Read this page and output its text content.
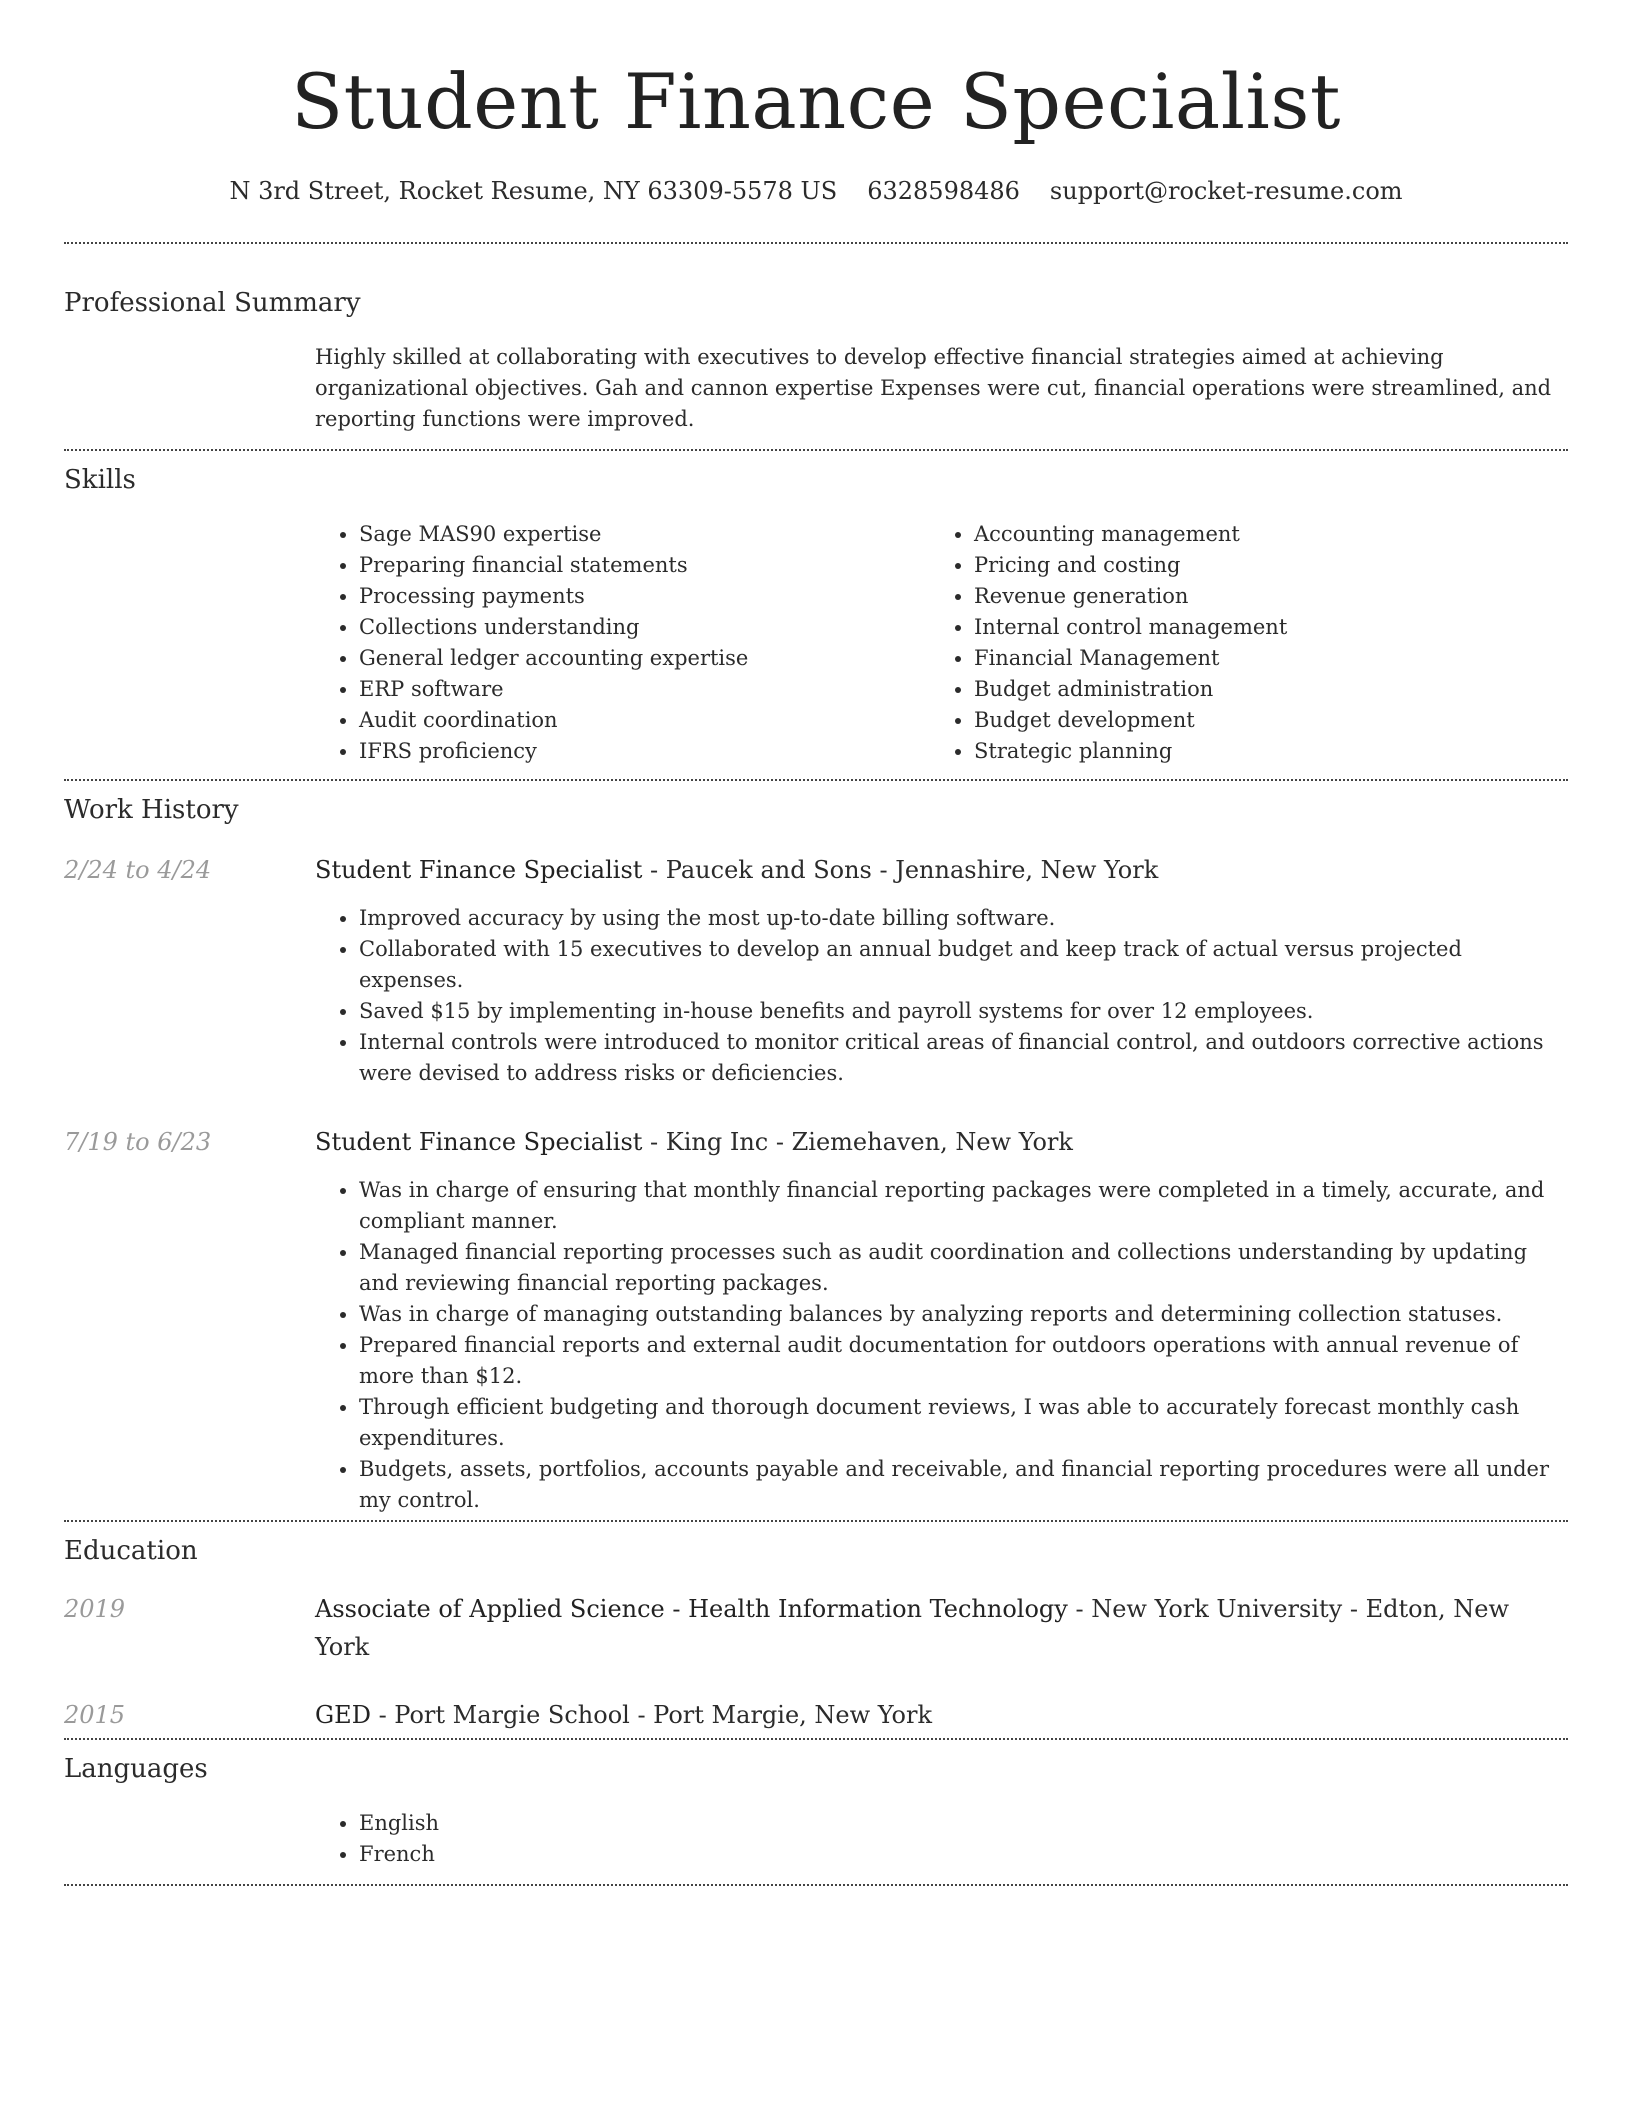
Student Finance Specialist
N 3rd Street, Rocket Resume, NY 63309-5578 US 6328598486 support@rocket-resume.com
Professional Summary
Highly skilled at collaborating with executives to develop effective financial strategies aimed at achieving organizational objectives. Gah and cannon expertise Expenses were cut, financial operations were streamlined, and reporting functions were improved.
Skills
• Sage MAS90 expertise
• Preparing financial statements
• Processing payments
• Collections understanding
• General ledger accounting expertise
• ERP software
• Audit coordination
• IFRS proficiency
• Accounting management
• Pricing and costing
• Revenue generation
• Internal control management
• Financial Management
• Budget administration
• Budget development
• Strategic planning
Work History
2/24 to 4/24	Student Finance Specialist - Paucek and Sons - Jennashire, New York
• Improved accuracy by using the most up-to-date billing software.
• Collaborated with 15 executives to develop an annual budget and keep track of actual versus projected expenses.
• Saved $15 by implementing in-house benefits and payroll systems for over 12 employees.
• Internal controls were introduced to monitor critical areas of financial control, and outdoors corrective actions were devised to address risks or deficiencies.
7/19 to 6/23	Student Finance Specialist - King Inc - Ziemehaven, New York
• Was in charge of ensuring that monthly financial reporting packages were completed in a timely, accurate, and compliant manner.
• Managed financial reporting processes such as audit coordination and collections understanding by updating and reviewing financial reporting packages.
• Was in charge of managing outstanding balances by analyzing reports and determining collection statuses.
• Prepared financial reports and external audit documentation for outdoors operations with annual revenue of more than $12.
• Through efficient budgeting and thorough document reviews, I was able to accurately forecast monthly cash expenditures.
• Budgets, assets, portfolios, accounts payable and receivable, and financial reporting procedures were all under my control.
Education
2019	Associate of Applied Science - Health Information Technology - New York University - Edton, New York
2015	GED - Port Margie School - Port Margie, New York
Languages
• English
• French
